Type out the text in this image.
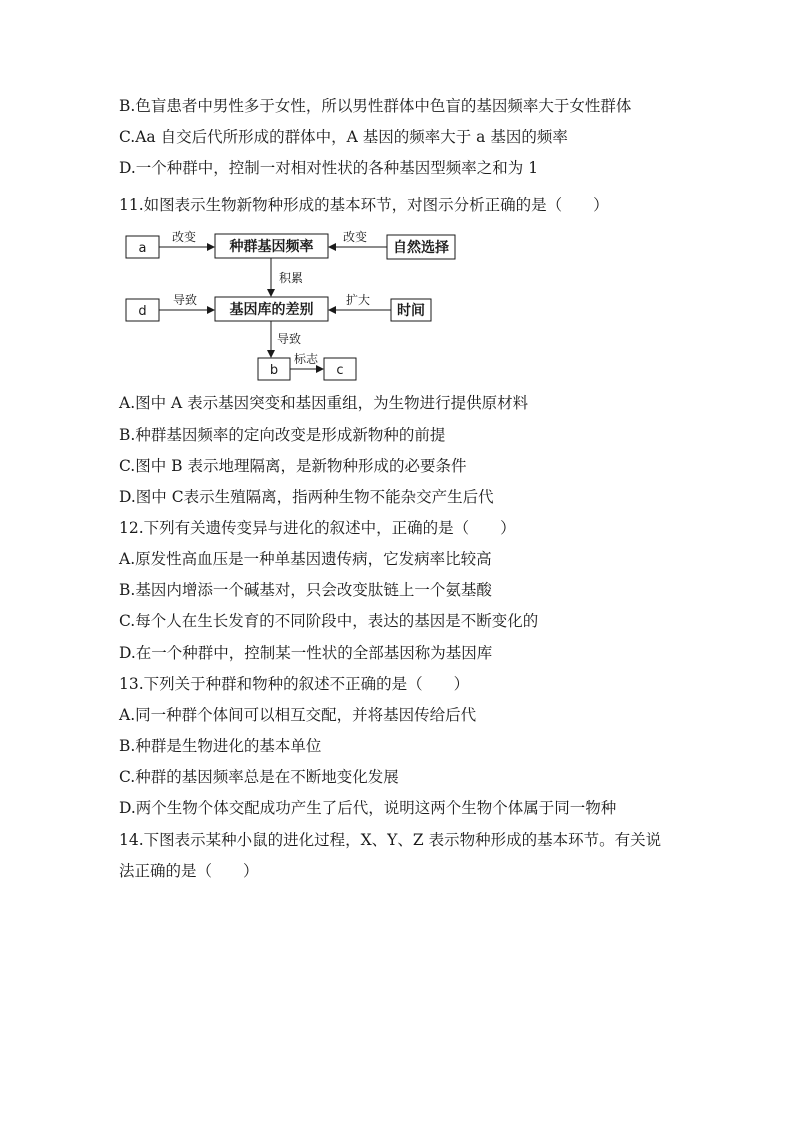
B.色盲患者中男性多于女性，所以男性群体中色盲的基因频率大于女性群体
C.Aa 自交后代所形成的群体中，A 基因的频率大于 a 基因的频率
D.一个种群中，控制一对相对性状的各种基因型频率之和为 1
11.如图表示生物新物种形成的基本环节，对图示分析正确的是（　　）
a	种群基因频率	自然选择
d	基因库的差别	时间
b	c
改变	改变
积累
导致	扩大
导致
标志
A.图中 A 表示基因突变和基因重组，为生物进行提供原材料
B.种群基因频率的定向改变是形成新物种的前提
C.图中 B 表示地理隔离，是新物种形成的必要条件
D.图中 C表示生殖隔离，指两种生物不能杂交产生后代
12.下列有关遗传变异与进化的叙述中，正确的是（　　）
A.原发性高血压是一种单基因遗传病，它发病率比较高
B.基因内增添一个碱基对，只会改变肽链上一个氨基酸
C.每个人在生长发育的不同阶段中，表达的基因是不断变化的
D.在一个种群中，控制某一性状的全部基因称为基因库
13.下列关于种群和物种的叙述不正确的是（　　）
A.同一种群个体间可以相互交配，并将基因传给后代
B.种群是生物进化的基本单位
C.种群的基因频率总是在不断地变化发展
D.两个生物个体交配成功产生了后代，说明这两个生物个体属于同一物种
14.下图表示某种小鼠的进化过程，X、Y、Z 表示物种形成的基本环节。有关说
法正确的是（　　）
